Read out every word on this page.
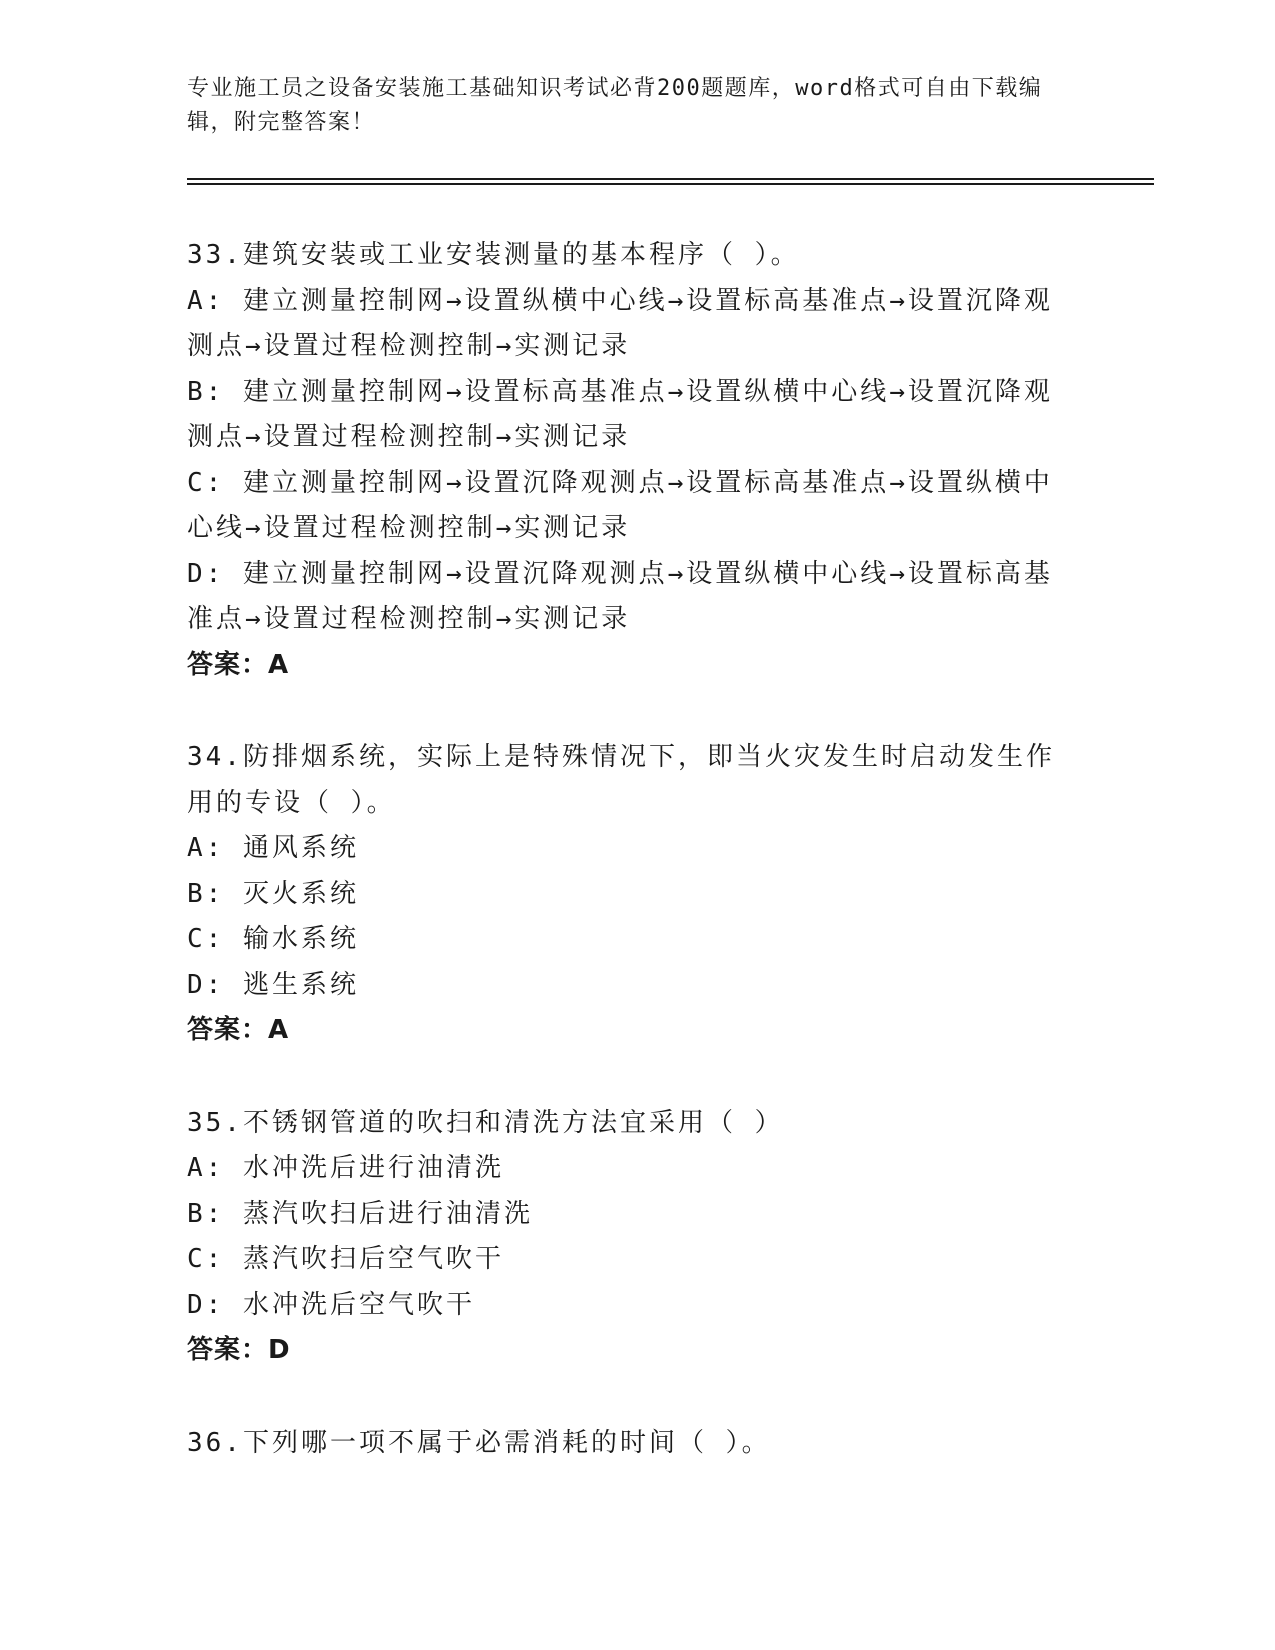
专业施工员之设备安装施工基础知识考试必背200题题库，word格式可自由下载编辑，附完整答案！

33.建筑安装或工业安装测量的基本程序（ ）。

A: 建立测量控制网→设置纵横中心线→设置标高基准点→设置沉降观测点→设置过程检测控制→实测记录

B: 建立测量控制网→设置标高基准点→设置纵横中心线→设置沉降观测点→设置过程检测控制→实测记录

C: 建立测量控制网→设置沉降观测点→设置标高基准点→设置纵横中心线→设置过程检测控制→实测记录

D: 建立测量控制网→设置沉降观测点→设置纵横中心线→设置标高基准点→设置过程检测控制→实测记录

答案：A

34.防排烟系统，实际上是特殊情况下，即当火灾发生时启动发生作用的专设（ ）。

A: 通风系统

B: 灭火系统

C: 输水系统

D: 逃生系统

答案：A

35.不锈钢管道的吹扫和清洗方法宜采用（ ）

A: 水冲洗后进行油清洗

B: 蒸汽吹扫后进行油清洗

C: 蒸汽吹扫后空气吹干

D: 水冲洗后空气吹干

答案：D

36.下列哪一项不属于必需消耗的时间（ ）。
